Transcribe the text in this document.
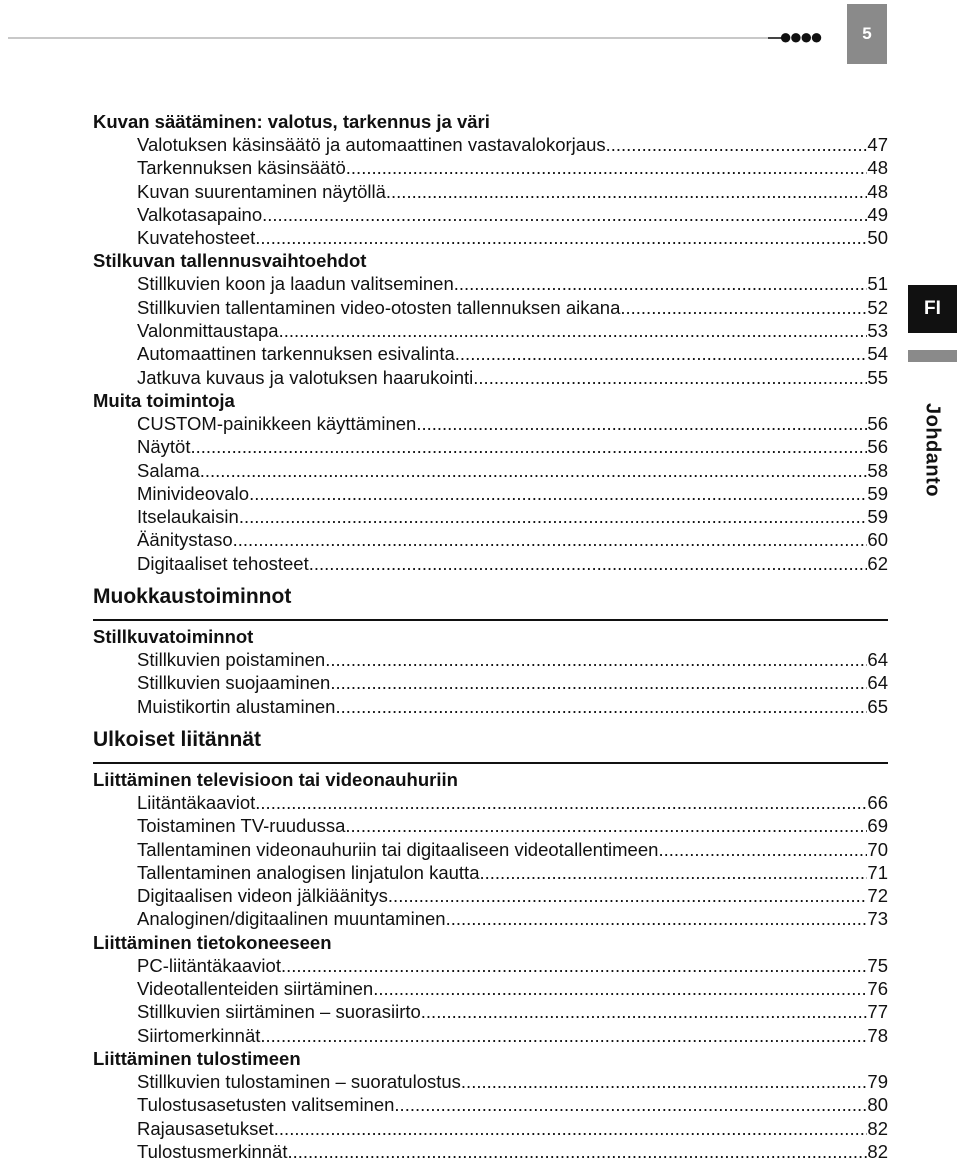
●●●●	5
FI
Johdanto
Kuvan säätäminen: valotus, tarkennus ja väri
Valotuksen käsinsäätö ja automaattinen vastavalokorjaus .....	47
Tarkennuksen käsinsäätö .....	48
Kuvan suurentaminen näytöllä .....	48
Valkotasapaino .....	49
Kuvatehosteet .....	50
Stilkuvan tallennusvaihtoehdot
Stillkuvien koon ja laadun valitseminen .....	51
Stillkuvien tallentaminen video-otosten tallennuksen aikana .....	52
Valonmittaustapa .....	53
Automaattinen tarkennuksen esivalinta .....	54
Jatkuva kuvaus ja valotuksen haarukointi .....	55
Muita toimintoja
CUSTOM-painikkeen käyttäminen .....	56
Näytöt .....	56
Salama .....	58
Minivideovalo .....	59
Itselaukaisin .....	59
Äänitystaso .....	60
Digitaaliset tehosteet .....	62
Muokkaustoiminnot
Stillkuvatoiminnot
Stillkuvien poistaminen .....	64
Stillkuvien suojaaminen .....	64
Muistikortin alustaminen .....	65
Ulkoiset liitännät
Liittäminen televisioon tai videonauhuriin
Liitäntäkaaviot .....	66
Toistaminen TV-ruudussa .....	69
Tallentaminen videonauhuriin tai digitaaliseen videotallentimeen .....	70
Tallentaminen analogisen linjatulon kautta .....	71
Digitaalisen videon jälkiäänitys .....	72
Analoginen/digitaalinen muuntaminen .....	73
Liittäminen tietokoneeseen
PC-liitäntäkaaviot .....	75
Videotallenteiden siirtäminen .....	76
Stillkuvien siirtäminen – suorasiirto .....	77
Siirtomerkinnät .....	78
Liittäminen tulostimeen
Stillkuvien tulostaminen – suoratulostus .....	79
Tulostusasetusten valitseminen .....	80
Rajausasetukset .....	82
Tulostusmerkinnät .....	82
